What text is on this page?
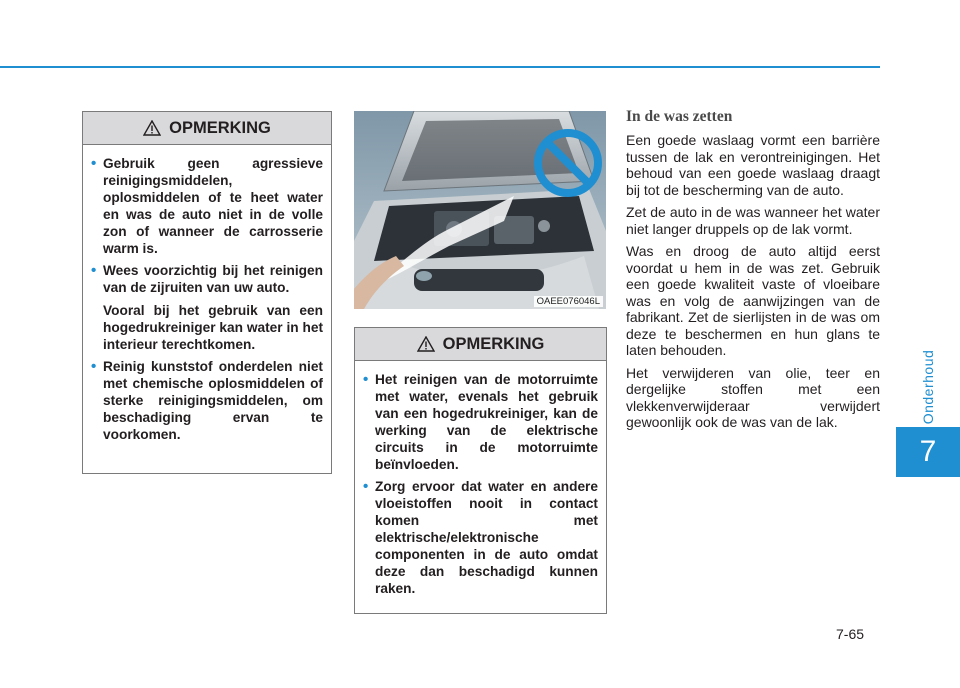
Onderhoud
7
OPMERKING
• Gebruik geen agressieve reinigingsmiddelen, oplosmiddelen of te heet water en was de auto niet in de volle zon of wanneer de carrosserie warm is.

• Wees voorzichtig bij het reinigen van de zijruiten van uw auto.

Vooral bij het gebruik van een hogedrukreiniger kan water in het interieur terechtkomen.

• Reinig kunststof onderdelen niet met chemische oplosmiddelen of sterke reinigingsmiddelen, om beschadiging ervan te voorkomen.

OAEE076046L
OPMERKING
• Het reinigen van de motorruimte met water, evenals het gebruik van een hogedrukreiniger, kan de werking van de elektrische circuits in de motorruimte beïnvloeden.

• Zorg ervoor dat water en andere vloeistoffen nooit in contact komen met elektrische/elektronische componenten in de auto omdat deze dan beschadigd kunnen raken.

In de was zetten

Een goede waslaag vormt een barrière tussen de lak en verontreinigingen. Het behoud van een goede waslaag draagt bij tot de bescherming van de auto.

Zet de auto in de was wanneer het water niet langer druppels op de lak vormt.

Was en droog de auto altijd eerst voordat u hem in de was zet. Gebruik een goede kwaliteit vaste of vloeibare was en volg de aanwijzingen van de fabrikant. Zet de sierlijsten in de was om deze te beschermen en hun glans te laten behouden.

Het verwijderen van olie, teer en dergelijke stoffen met een vlekkenverwijderaar verwijdert gewoonlijk ook de was van de lak.

7-65
